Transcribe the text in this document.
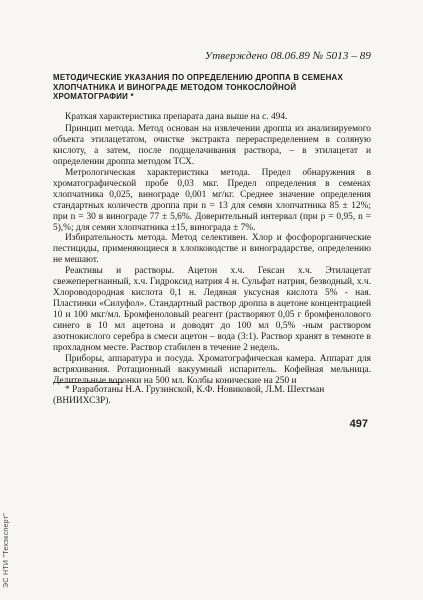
Утверждено 08.06.89 № 5013 – 89
МЕТОДИЧЕСКИЕ УКАЗАНИЯ ПО ОПРЕДЕЛЕНИЮ ДРОППА В СЕМЕНАХ ХЛОПЧАТНИКА И ВИНОГРАДЕ МЕТОДОМ ТОНКОСЛОЙНОЙ ХРОМАТОГРАФИИ *

Краткая характеристика препарата дана выше на с. 494.

Принцип метода. Метод основан на извлечении дроппа из анализируемого объекта этилацетатом, очистке экстракта перераспределением в соляную кислоту, а затем, после подщелачивания раствора, – в этилацетат и определении дроппа методом ТСХ.

Метрологическая характеристика метода. Предел обнаружения в хроматографической пробе 0,03 мкг. Предел определения в семенах хлопчатника 0,025, винограде 0,001 мг/кг. Среднее значение определения стандартных количеств дроппа при n = 13 для семян хлопчатника 85 ± 12%; при n = 30 в винограде 77 ± 5,6%. Доверительный интервал (при p = 0,95, n = 5),%; для семян хлопчатника ±15, винограда ± 7%.

Избирательность метода. Метод селективен. Хлор и фосфорорганические пестициды, применяющиеся в хлопководстве и виноградарстве, определению не мешают.

Реактивы и растворы. Ацетон х.ч. Гексан х.ч. Этилацетат свежеперегнанный, х.ч. Гидроксид натрия 4 н. Сульфат натрия, безводный, х.ч. Хлороводородная кислота 0,1 н. Ледяная уксусная кислота 5% - ная. Пластинки «Силуфол». Стандартный раствор дроппа в ацетоне концентрацией 10 и 100 мкг/мл. Бромфеноловый реагент (растворяют 0,05 г бромфенолового синего в 10 мл ацетона и доводят до 100 мл 0,5% -ным раствором азотнокислого серебра в смеси ацетон – вода (3:1). Раствор хранят в темноте в прохладном месте. Раствор стабилен в течение 2 недель.

Приборы, аппаратура и посуда. Хроматографическая камера. Аппарат для встряхивания. Ротационный вакуумный испаритель. Кофейная мельница. Делительные воронки на 500 мл. Колбы конические на 250 и

* Разработаны Н.А. Грузинской, К.Ф. Новиковой, Л.М. Шехтман (ВНИИХСЗР).
497
ЭС НТИ "Техэксперт"
